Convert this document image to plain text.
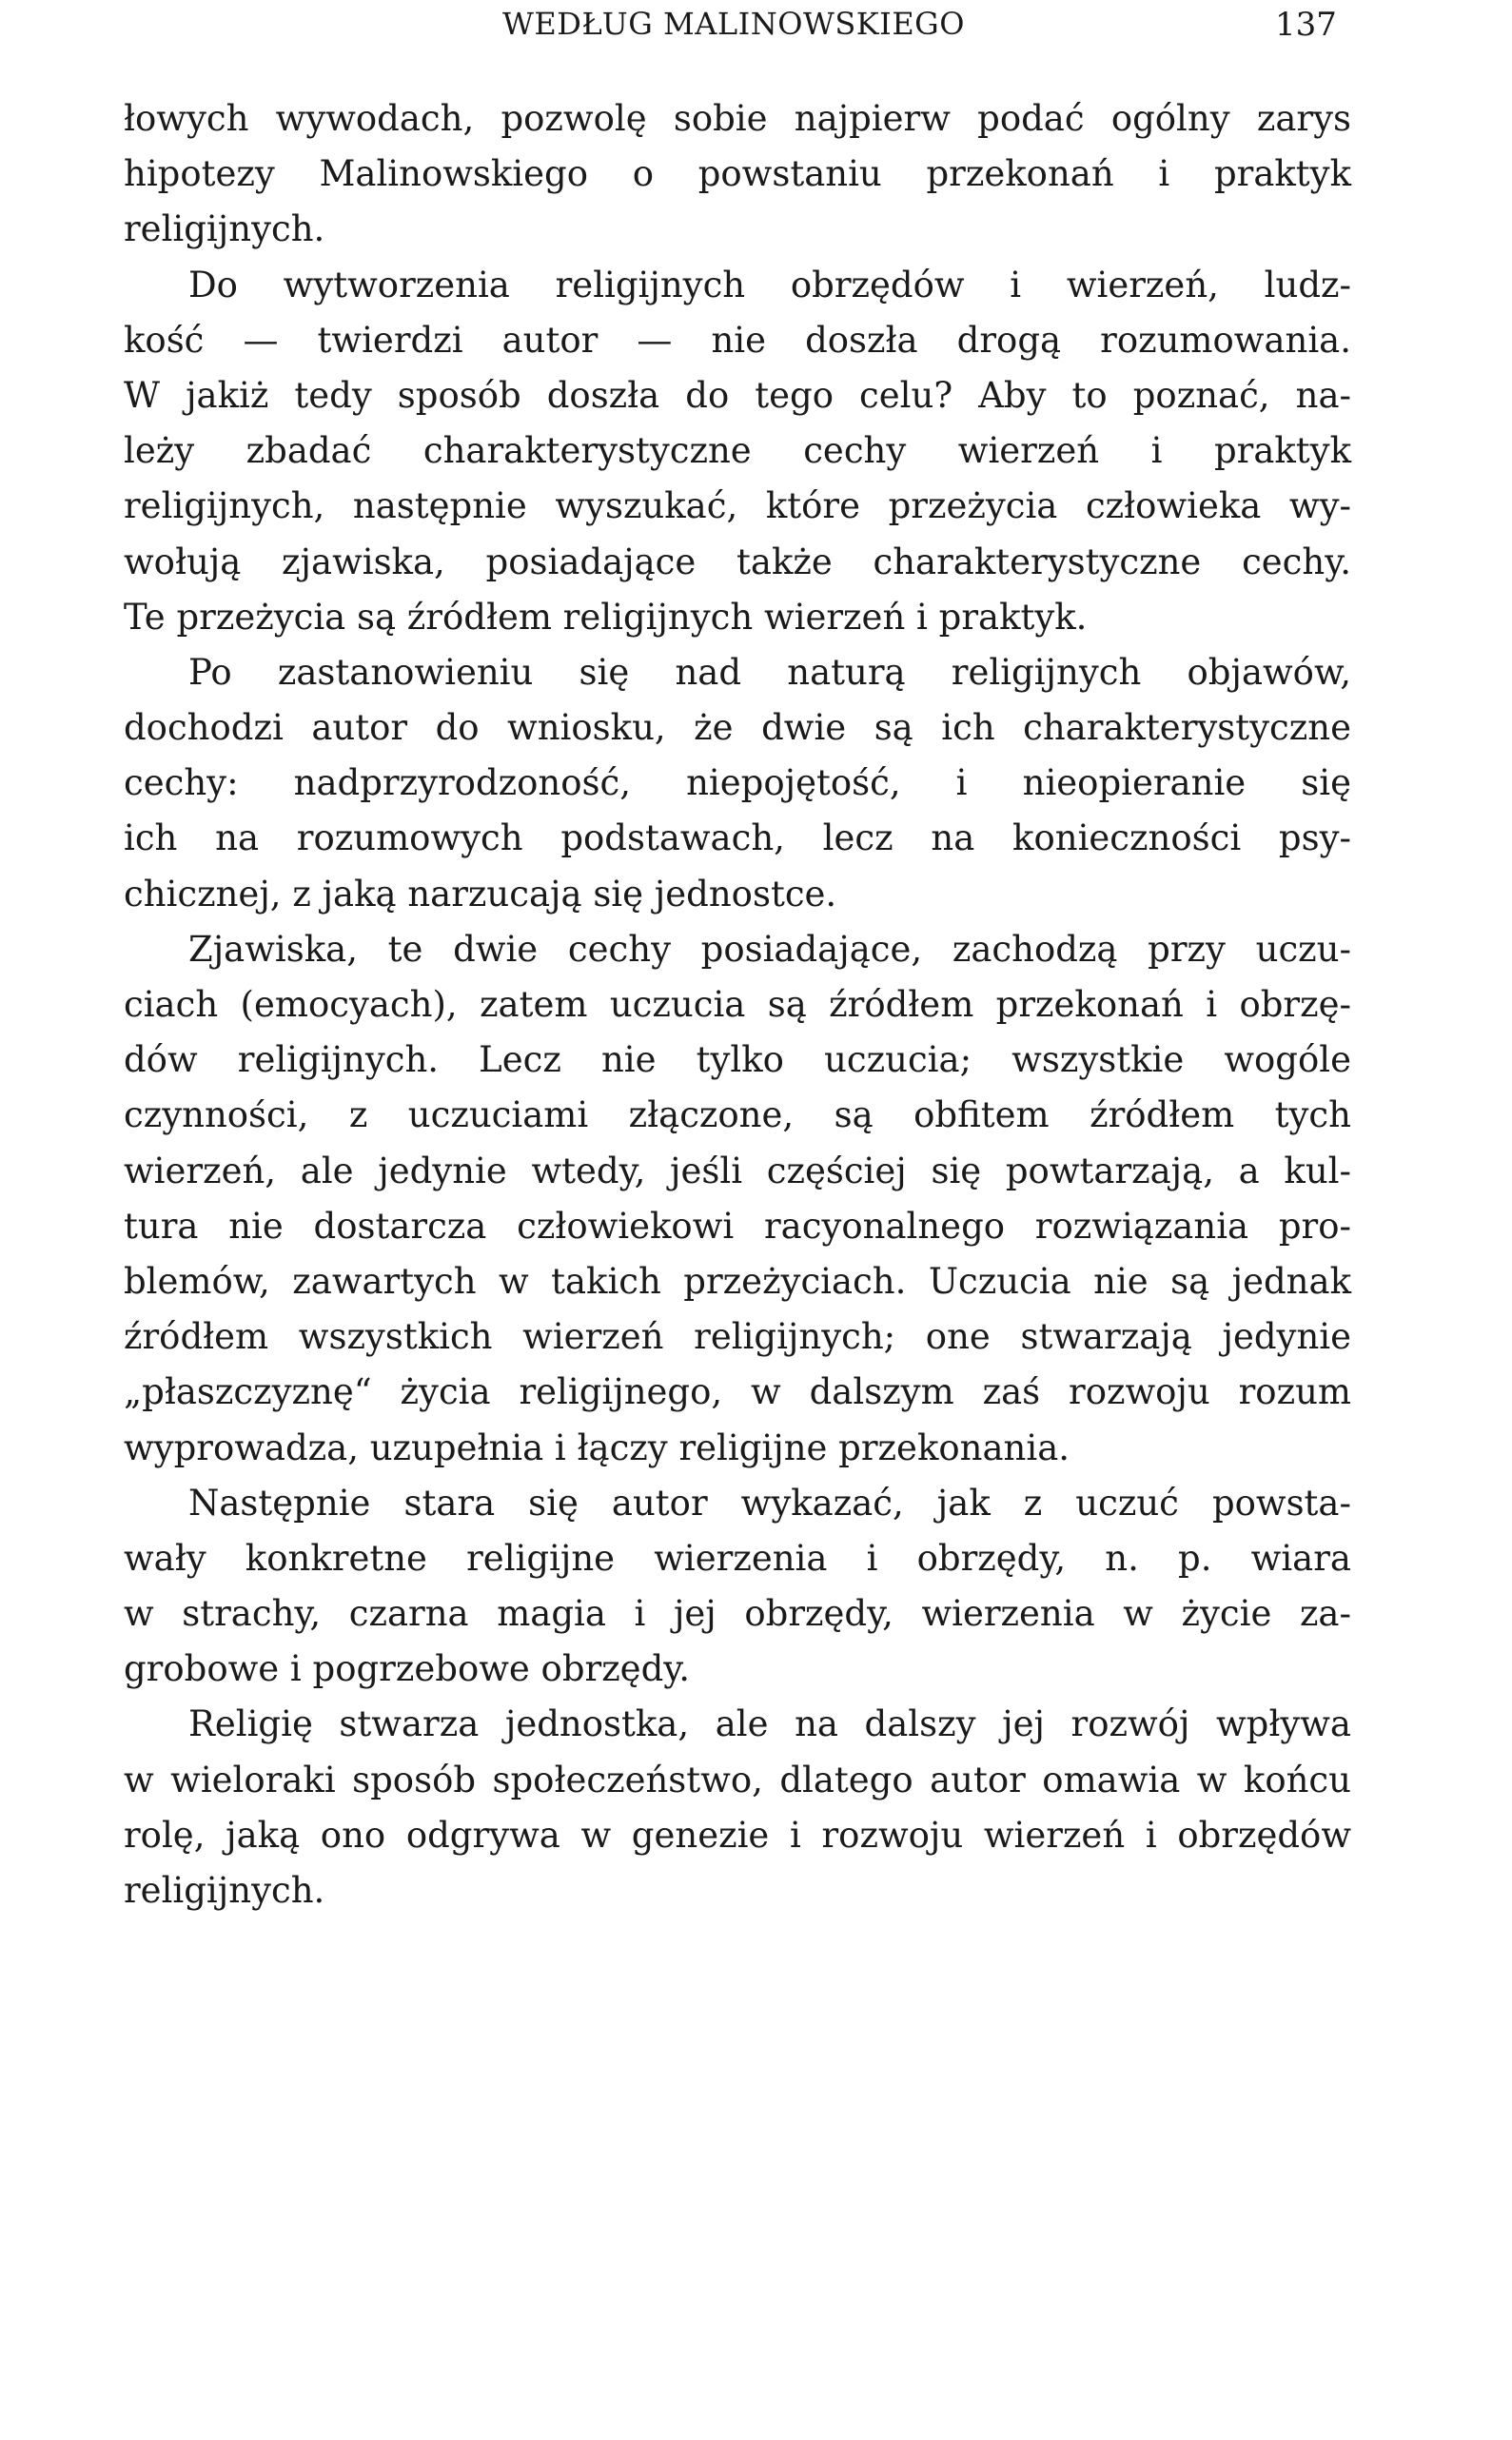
WEDŁUG MALINOWSKIEGO	137
łowych wywodach, pozwolę sobie najpierw podać ogólny zarys
hipotezy Malinowskiego o powstaniu przekonań i praktyk
religijnych.
Do wytworzenia religijnych obrzędów i wierzeń, ludz-
kość — twierdzi autor — nie doszła drogą rozumowania.
W jakiż tedy sposób doszła do tego celu? Aby to poznać, na-
leży zbadać charakterystyczne cechy wierzeń i praktyk
religijnych, następnie wyszukać, które przeżycia człowieka wy-
wołują zjawiska, posiadające także charakterystyczne cechy.
Te przeżycia są źródłem religijnych wierzeń i praktyk.
Po zastanowieniu się nad naturą religijnych objawów,
dochodzi autor do wniosku, że dwie są ich charakterystyczne
cechy: nadprzyrodzoność, niepojętość, i nieopieranie się
ich na rozumowych podstawach, lecz na konieczności psy-
chicznej, z jaką narzucają się jednostce.
Zjawiska, te dwie cechy posiadające, zachodzą przy uczu-
ciach (emocyach), zatem uczucia są źródłem przekonań i obrzę-
dów religijnych. Lecz nie tylko uczucia; wszystkie wogóle
czynności, z uczuciami złączone, są obfitem źródłem tych
wierzeń, ale jedynie wtedy, jeśli częściej się powtarzają, a kul-
tura nie dostarcza człowiekowi racyonalnego rozwiązania pro-
blemów, zawartych w takich przeżyciach. Uczucia nie są jednak
źródłem wszystkich wierzeń religijnych; one stwarzają jedynie
„płaszczyznę“ życia religijnego, w dalszym zaś rozwoju rozum
wyprowadza, uzupełnia i łączy religijne przekonania.
Następnie stara się autor wykazać, jak z uczuć powsta-
wały konkretne religijne wierzenia i obrzędy, n. p. wiara
w strachy, czarna magia i jej obrzędy, wierzenia w życie za-
grobowe i pogrzebowe obrzędy.
Religię stwarza jednostka, ale na dalszy jej rozwój wpływa
w wieloraki sposób społeczeństwo, dlatego autor omawia w końcu
rolę, jaką ono odgrywa w genezie i rozwoju wierzeń i obrzędów
religijnych.
